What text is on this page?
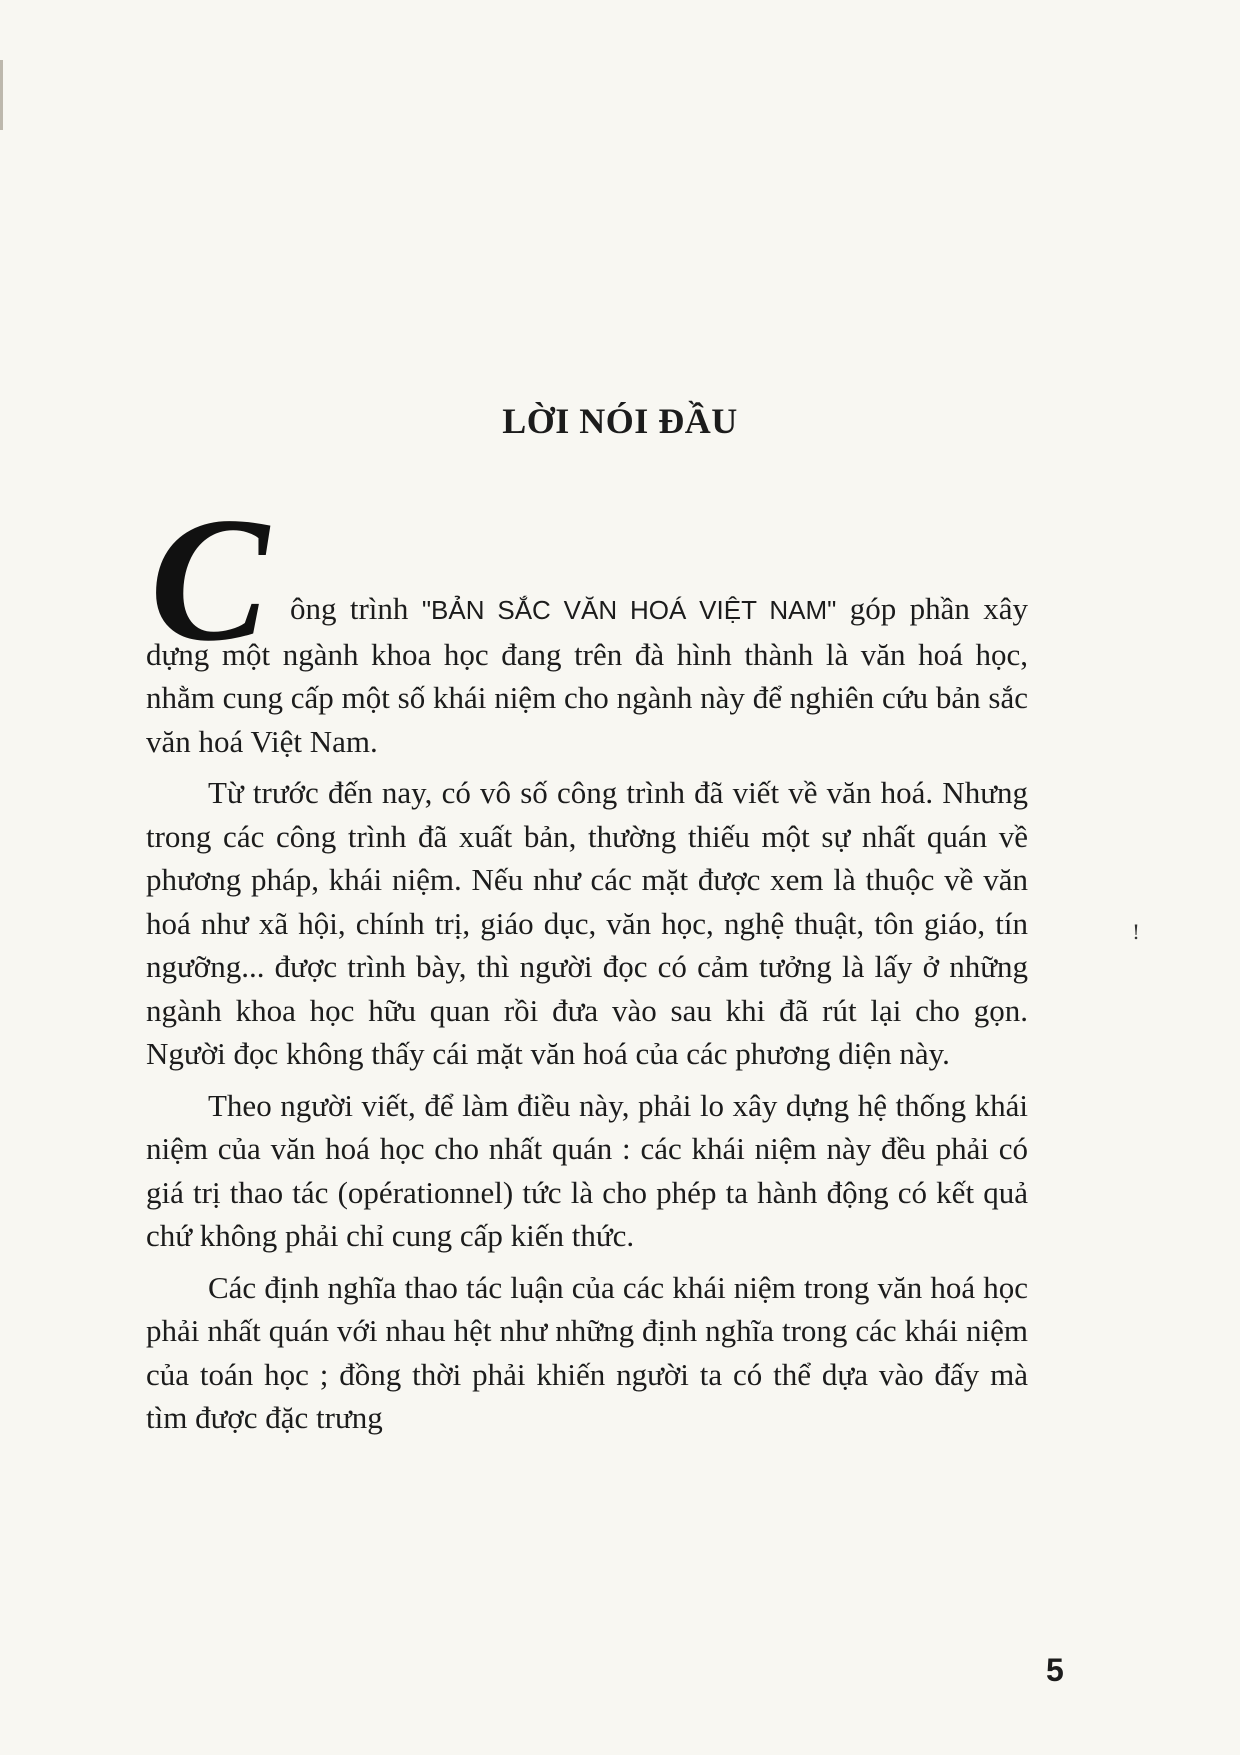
LỜI NÓI ĐẦU
C ông trình "BẢN SẮC VĂN HOÁ VIỆT NAM" góp phần xây dựng một ngành khoa học đang trên đà hình thành là văn hoá học, nhằm cung cấp một số khái niệm cho ngành này để nghiên cứu bản sắc văn hoá Việt Nam.

Từ trước đến nay, có vô số công trình đã viết về văn hoá. Nhưng trong các công trình đã xuất bản, thường thiếu một sự nhất quán về phương pháp, khái niệm. Nếu như các mặt được xem là thuộc về văn hoá như xã hội, chính trị, giáo dục, văn học, nghệ thuật, tôn giáo, tín ngưỡng... được trình bày, thì người đọc có cảm tưởng là lấy ở những ngành khoa học hữu quan rồi đưa vào sau khi đã rút lại cho gọn. Người đọc không thấy cái mặt văn hoá của các phương diện này.

Theo người viết, để làm điều này, phải lo xây dựng hệ thống khái niệm của văn hoá học cho nhất quán : các khái niệm này đều phải có giá trị thao tác (opérationnel) tức là cho phép ta hành động có kết quả chứ không phải chỉ cung cấp kiến thức.

Các định nghĩa thao tác luận của các khái niệm trong văn hoá học phải nhất quán với nhau hệt như những định nghĩa trong các khái niệm của toán học ; đồng thời phải khiến người ta có thể dựa vào đấy mà tìm được đặc trưng

!
5
